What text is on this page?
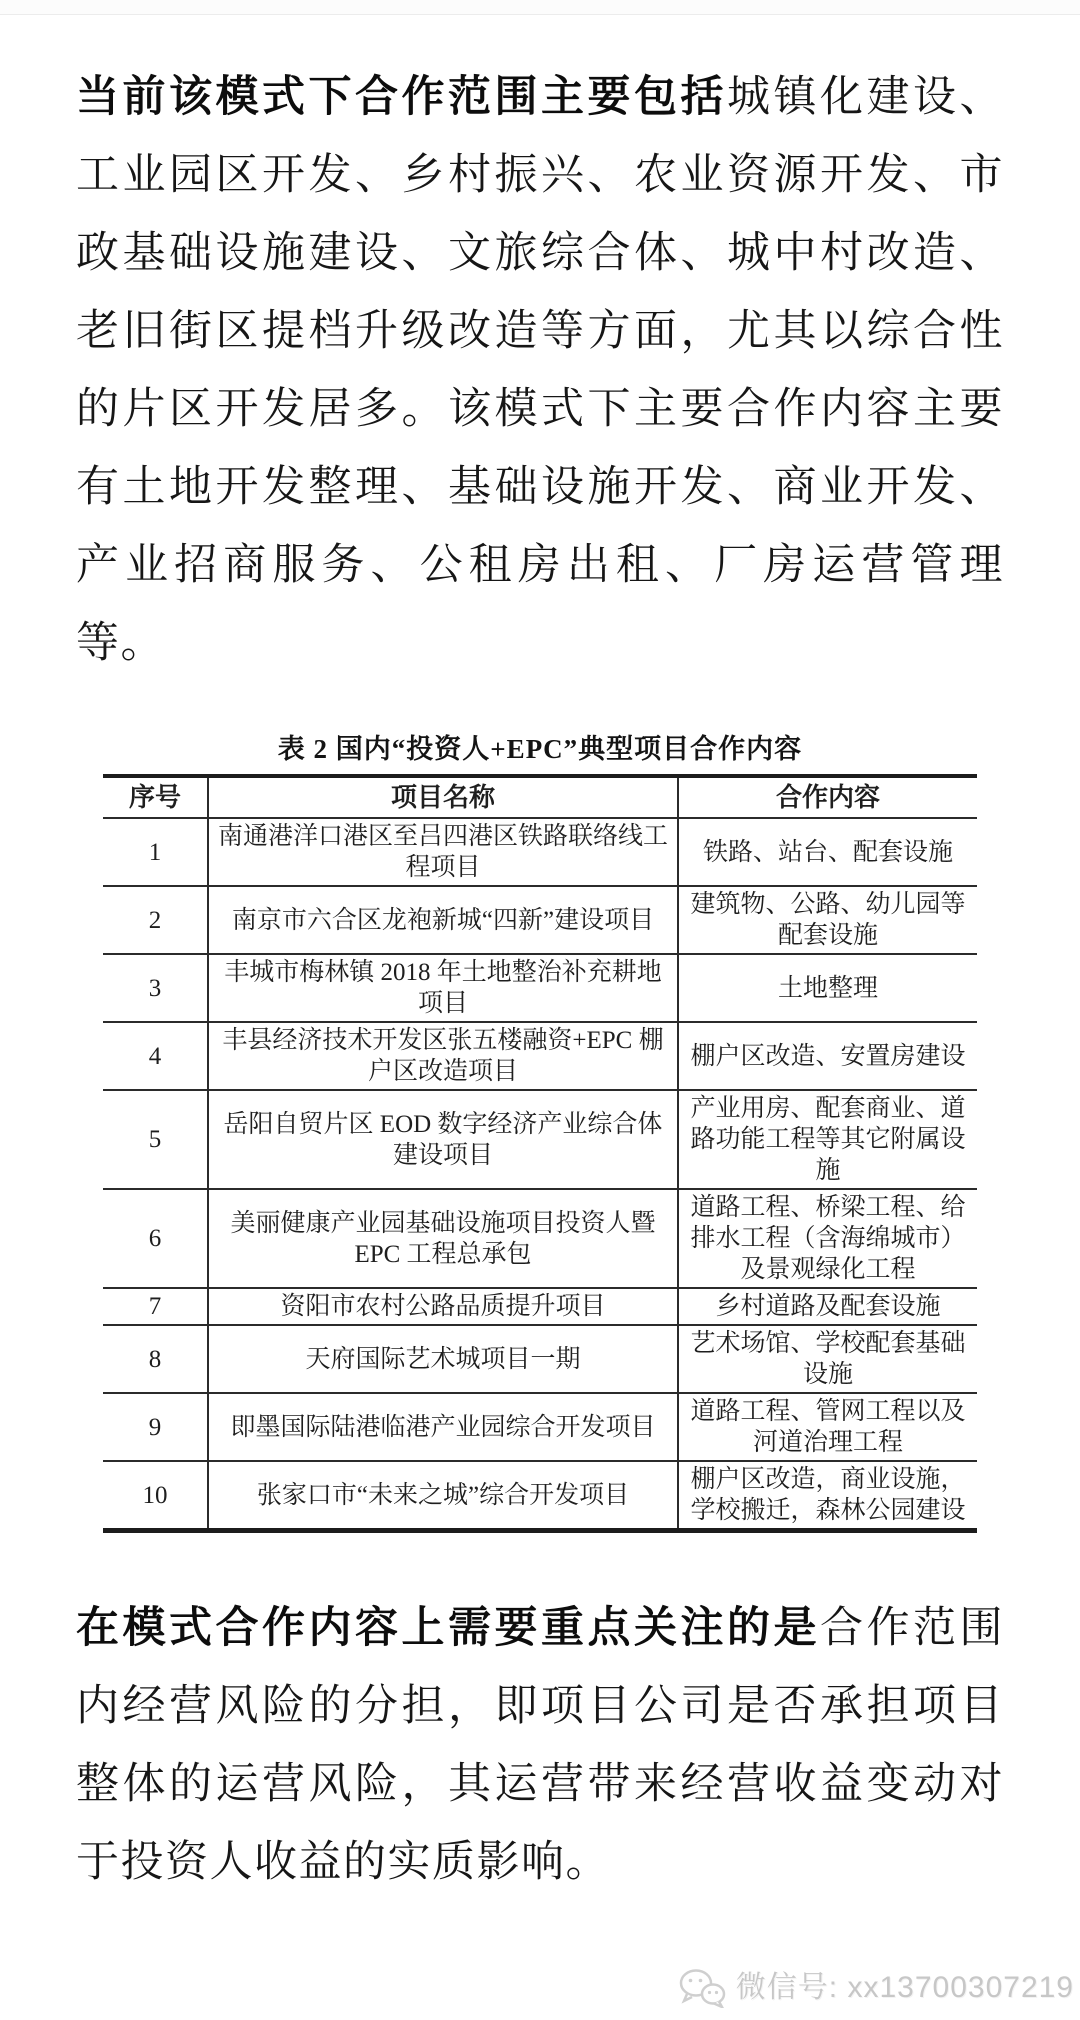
当前该模式下合作范围主要包括城镇化建设、工业园区开发、乡村振兴、农业资源开发、市政基础设施建设、文旅综合体、城中村改造、老旧街区提档升级改造等方面，尤其以综合性的片区开发居多。该模式下主要合作内容主要有土地开发整理、基础设施开发、商业开发、产业招商服务、公租房出租、厂房运营管理等。

表 2 国内“投资人+EPC”典型项目合作内容
序号	项目名称	合作内容
1	南通港洋口港区至吕四港区铁路联络线工程项目	铁路、站台、配套设施
2	南京市六合区龙袍新城“四新”建设项目	建筑物、公路、幼儿园等配套设施
3	丰城市梅林镇 2018 年土地整治补充耕地项目	土地整理
4	丰县经济技术开发区张五楼融资+EPC 棚户区改造项目	棚户区改造、安置房建设
5	岳阳自贸片区 EOD 数字经济产业综合体建设项目	产业用房、配套商业、道路功能工程等其它附属设施
6	美丽健康产业园基础设施项目投资人暨 EPC 工程总承包	道路工程、桥梁工程、给排水工程（含海绵城市）及景观绿化工程
7	资阳市农村公路品质提升项目	乡村道路及配套设施
8	天府国际艺术城项目一期	艺术场馆、学校配套基础设施
9	即墨国际陆港临港产业园综合开发项目	道路工程、管网工程以及河道治理工程
10	张家口市“未来之城”综合开发项目	棚户区改造，商业设施，学校搬迁，森林公园建设

在模式合作内容上需要重点关注的是合作范围内经营风险的分担，即项目公司是否承担项目整体的运营风险，其运营带来经营收益变动对于投资人收益的实质影响。

微信号: xx13700307219
